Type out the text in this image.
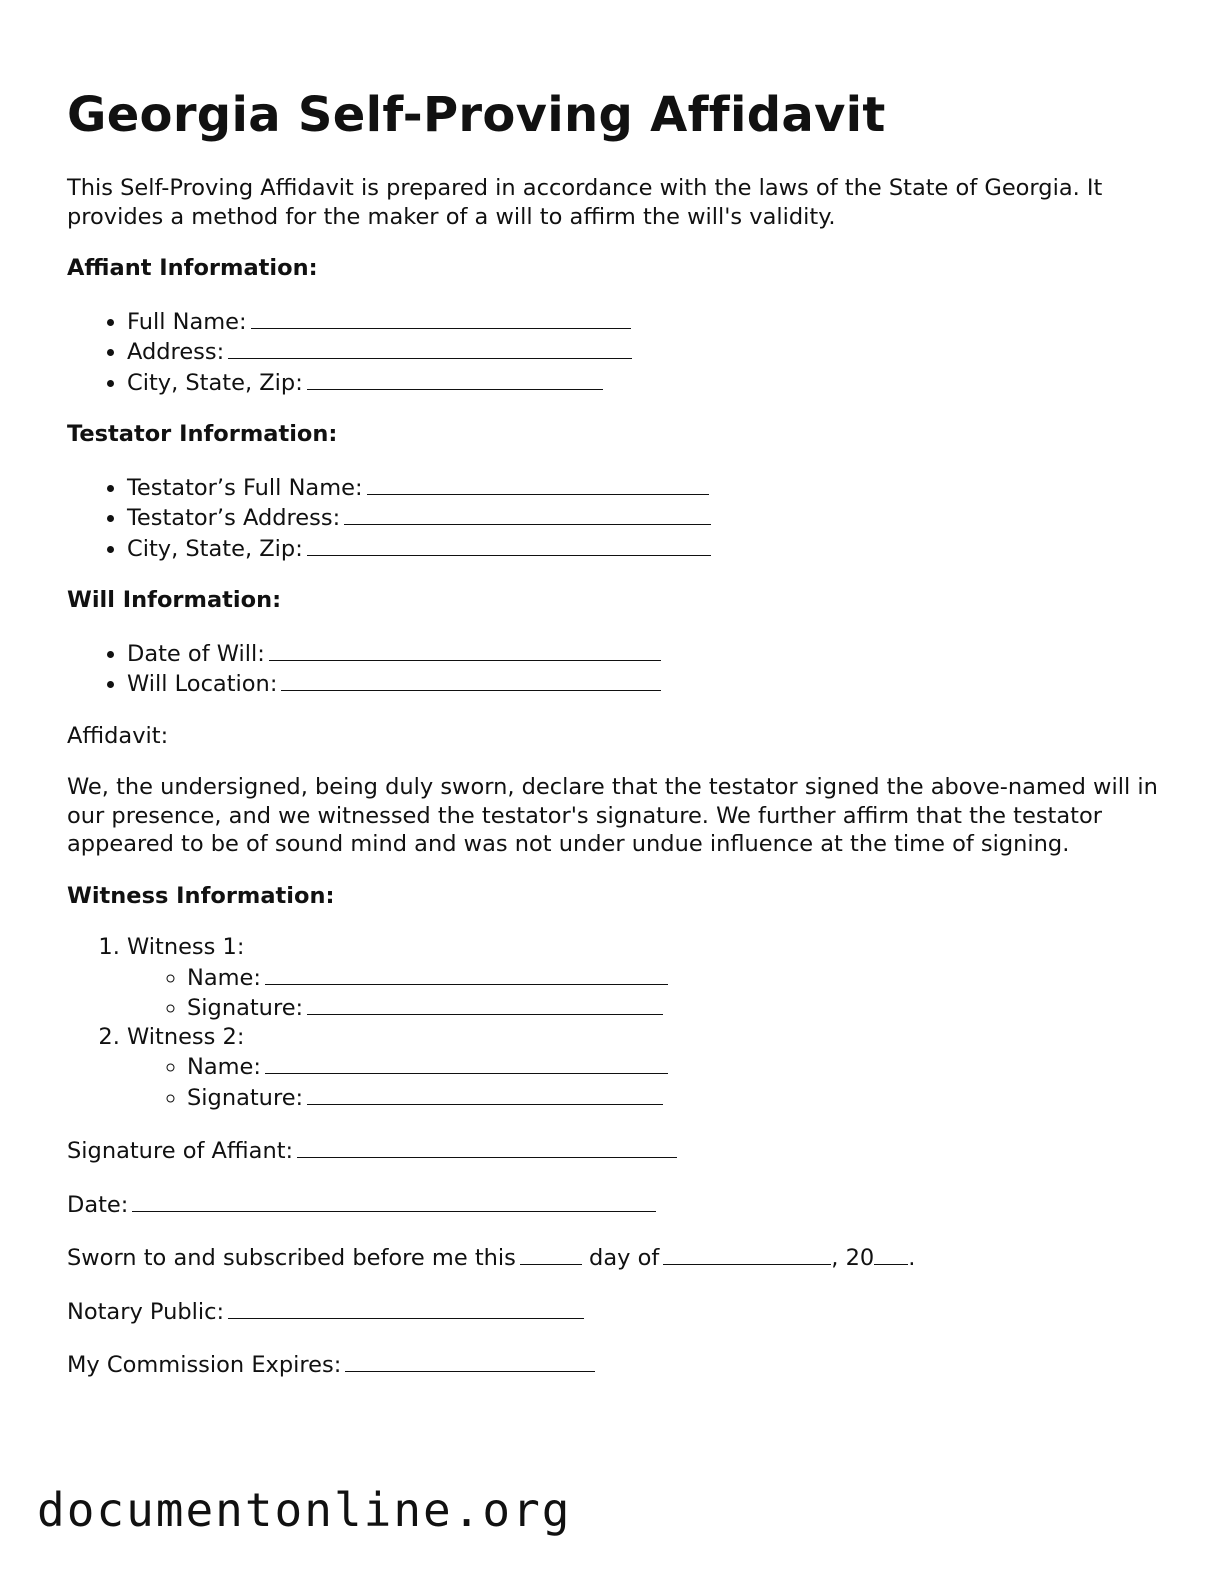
Georgia Self-Proving Affidavit

This Self-Proving Affidavit is prepared in accordance with the laws of the State of Georgia. It provides a method for the maker of a will to affirm the will's validity.

Affiant Information:
• Full Name:
• Address:
• City, State, Zip:
Testator Information:
• Testator’s Full Name:
• Testator’s Address:
• City, State, Zip:
Will Information:
• Date of Will:
• Will Location:

Affidavit:

We, the undersigned, being duly sworn, declare that the testator signed the above-named will in our presence, and we witnessed the testator's signature. We further affirm that the testator appeared to be of sound mind and was not under undue influence at the time of signing.

Witness Information:
1. Witness 1:
◦ Name:
◦ Signature:
2. Witness 2:
◦ Name:
◦ Signature:

Signature of Affiant:

Date:

Sworn to and subscribed before me this	day of	, 20 .

Notary Public:

My Commission Expires:

documentonline.org
